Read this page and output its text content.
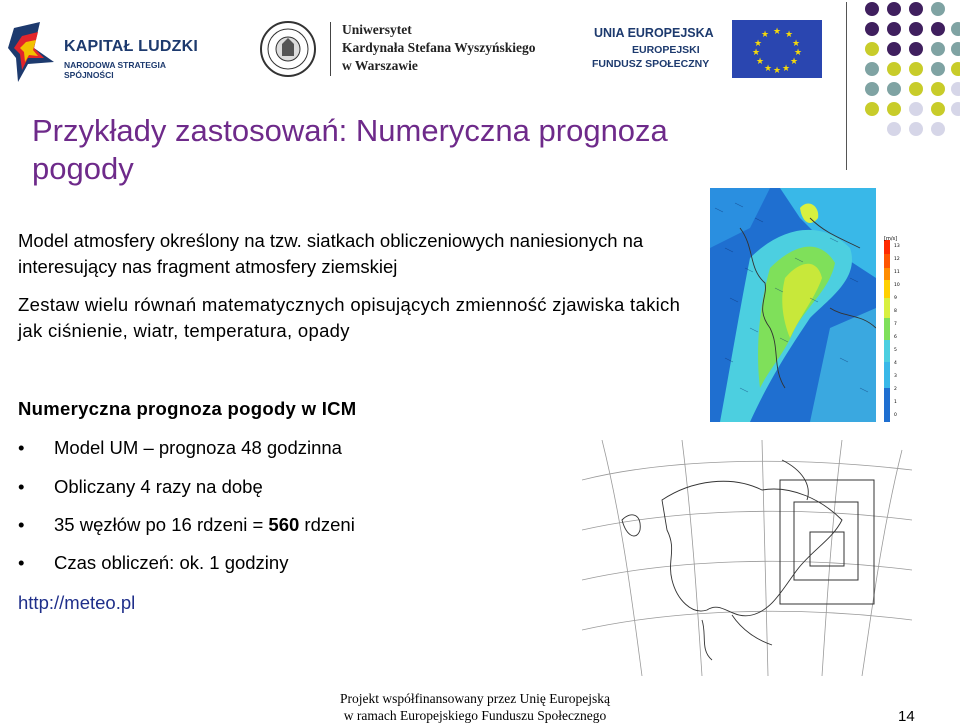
KAPITAŁ LUDZKI
NARODOWA STRATEGIA SPÓJNOŚCI
Uniwersytet
Kardynała Stefana Wyszyńskiego
w Warszawie
UNIA EUROPEJSKA
EUROPEJSKI
FUNDUSZ SPOŁECZNY
★ ★
★
★
★
★
★
★
★
★
★
★
Przykłady zastosowań: Numeryczna prognoza pogody
Model atmosfery określony na tzw. siatkach obliczeniowych naniesionych na interesujący nas fragment atmosfery ziemskiej
Zestaw wielu równań matematycznych opisujących zmienność zjawiska takich jak ciśnienie, wiatr, temperatura, opady
Numeryczna prognoza pogody w ICM
• Model UM – prognoza 48 godzinna
• Obliczany 4 razy na dobę
• 35 węzłów po 16 rdzeni = 560 rdzeni
• Czas obliczeń: ok. 1 godziny
http://meteo.pl
[m/s]
13
12
11
10
9
8
7
6
5
4
3
2
1
0
Projekt współfinansowany przez Unię Europejską
w ramach Europejskiego Funduszu Społecznego	14
